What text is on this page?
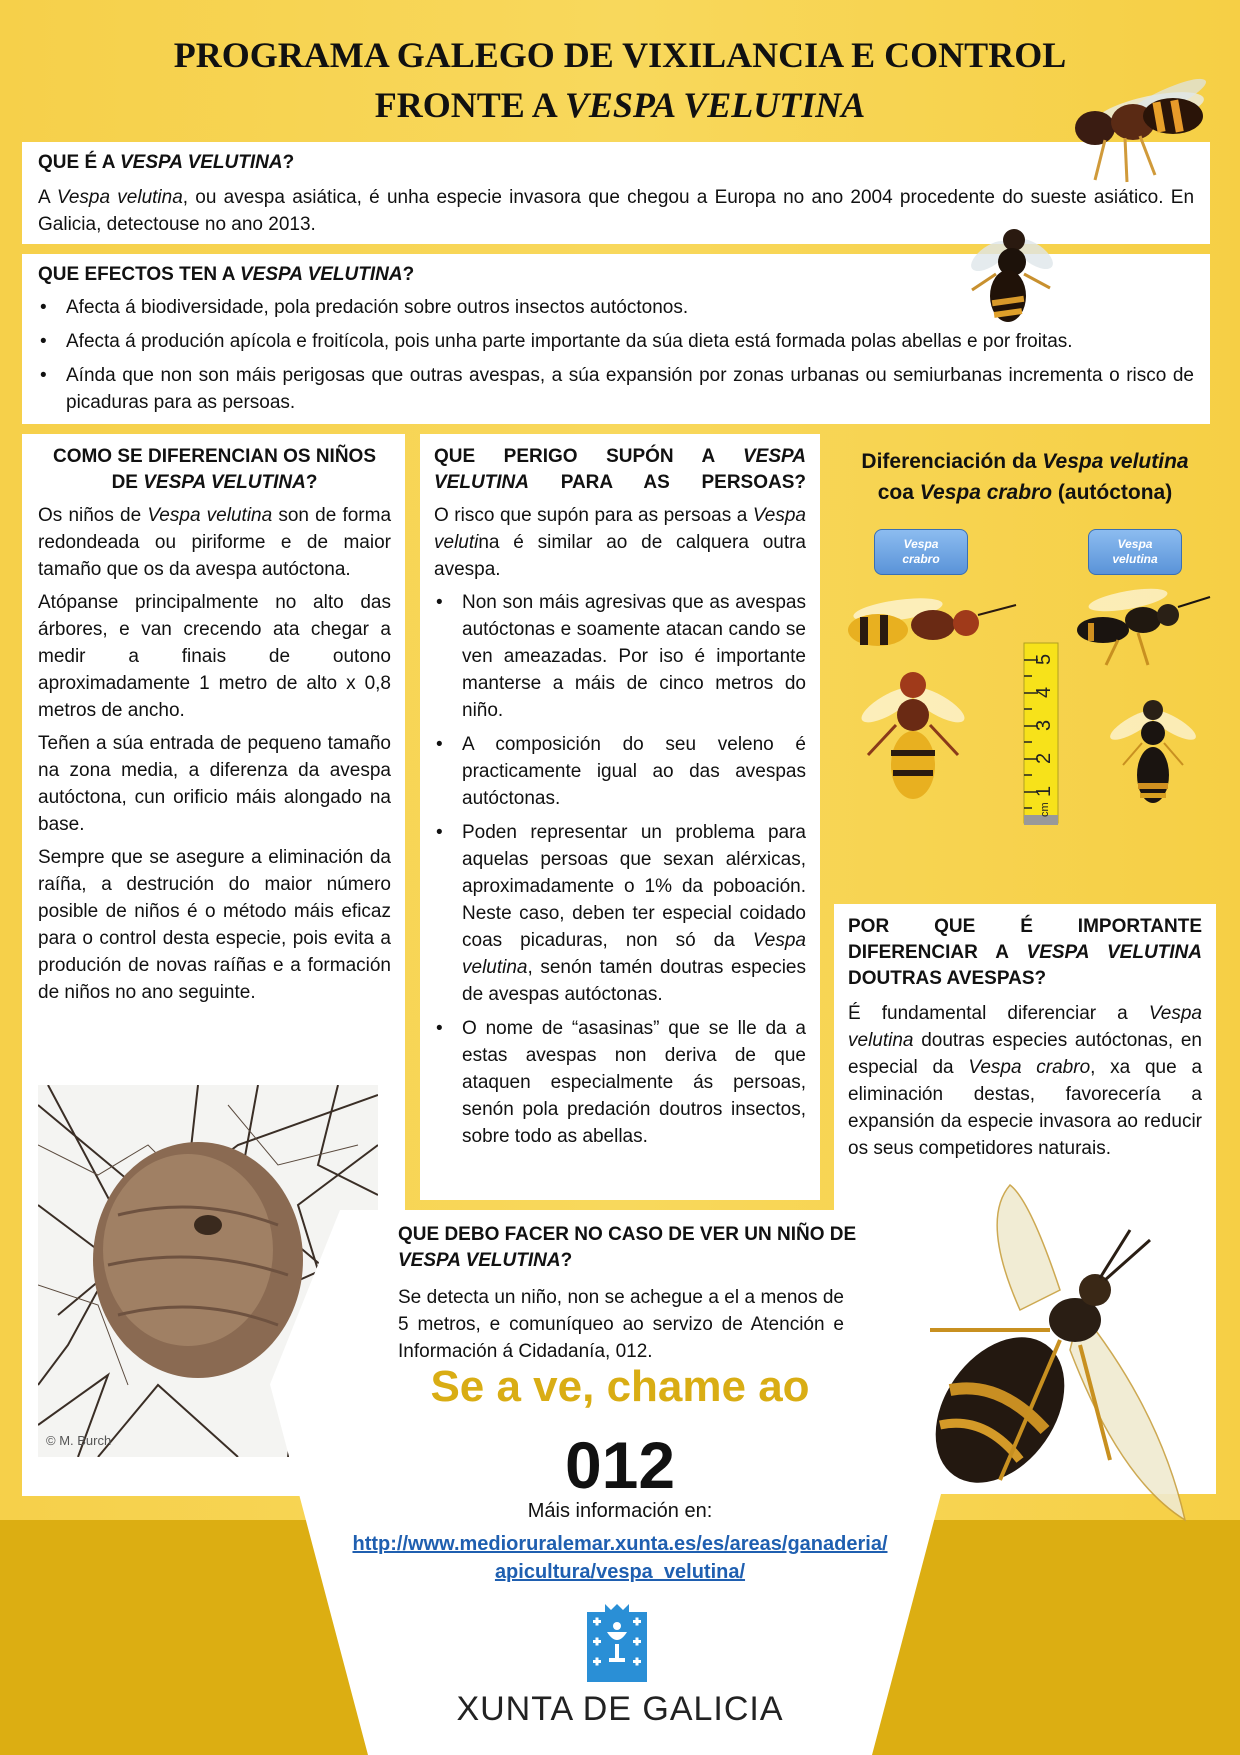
PROGRAMA GALEGO DE VIXILANCIA E CONTROL
FRONTE A VESPA VELUTINA
QUE É A VESPA VELUTINA?

A Vespa velutina, ou avespa asiática, é unha especie invasora que chegou a Europa no ano 2004 procedente do sueste asiático. En Galicia, detectouse no ano 2013.

QUE EFECTOS TEN A VESPA VELUTINA?
• Afecta á biodiversidade, pola predación sobre outros insectos autóctonos.
• Afecta á produción apícola e froitícola, pois unha parte importante da súa dieta está formada polas abellas e por froitas.
• Aínda que non son máis perigosas que outras avespas, a súa expansión por zonas urbanas ou semiurbanas incrementa o risco de picaduras para as persoas.
COMO SE DIFERENCIAN OS NIÑOS DE VESPA VELUTINA?

Os niños de Vespa velutina son de forma redondeada ou piriforme e de maior tamaño que os da avespa autóctona.

Atópanse principalmente no alto das árbores, e van crecendo ata chegar a medir a finais de outono aproximadamente 1 metro de alto x 0,8 metros de ancho.

Teñen a súa entrada de pequeno tamaño na zona media, a diferenza da avespa autóctona, cun orificio máis alongado na base.

Sempre que se asegure a eliminación da raíña, a destrución do maior número posible de niños é o método máis eficaz para o control desta especie, pois evita a produción de novas raíñas e a formación de niños no ano seguinte.

© M. Burch
QUE PERIGO SUPÓN A VESPA VELUTINA PARA AS PERSOAS?

O risco que supón para as persoas a Vespa velutina é similar ao de calquera outra avespa.

• Non son máis agresivas que as avespas autóctonas e soamente atacan cando se ven ameazadas. Por iso é importante manterse a máis de cinco metros do niño.
• A composición do seu veleno é practicamente igual ao das avespas autóctonas.
• Poden representar un problema para aquelas persoas que sexan alérxicas, aproximadamente o 1% da poboación. Neste caso, deben ter especial coidado coas picaduras, non só da Vespa velutina, senón tamén doutras especies de avespas autóctonas.
• O nome de “asasinas” que se lle da a estas avespas non deriva de que ataquen especialmente ás persoas, senón pola predación doutros insectos, sobre todo as abellas.
Diferenciación da Vespa velutina
coa Vespa crabro (autóctona)
Vespa
crabro
Vespa
velutina
5
4
3
2
1
cm
POR QUE É IMPORTANTE DIFERENCIAR A VESPA VELUTINA DOUTRAS AVESPAS?

É fundamental diferenciar a Vespa velutina doutras especies autóctonas, en especial da Vespa crabro, xa que a eliminación destas, favorecería a expansión da especie invasora ao reducir os seus competidores naturais.

QUE DEBO FACER NO CASO DE VER UN NIÑO DE VESPA VELUTINA?

Se detecta un niño, non se achegue a el a menos de 5 metros, e comuníqueo ao servizo de Atención e Información á Cidadanía, 012.

Se a ve, chame ao
012
Máis información en:
http://www.medioruralemar.xunta.es/es/areas/ganaderia/
apicultura/vespa_velutina/
XUNTA DE GALICIA
